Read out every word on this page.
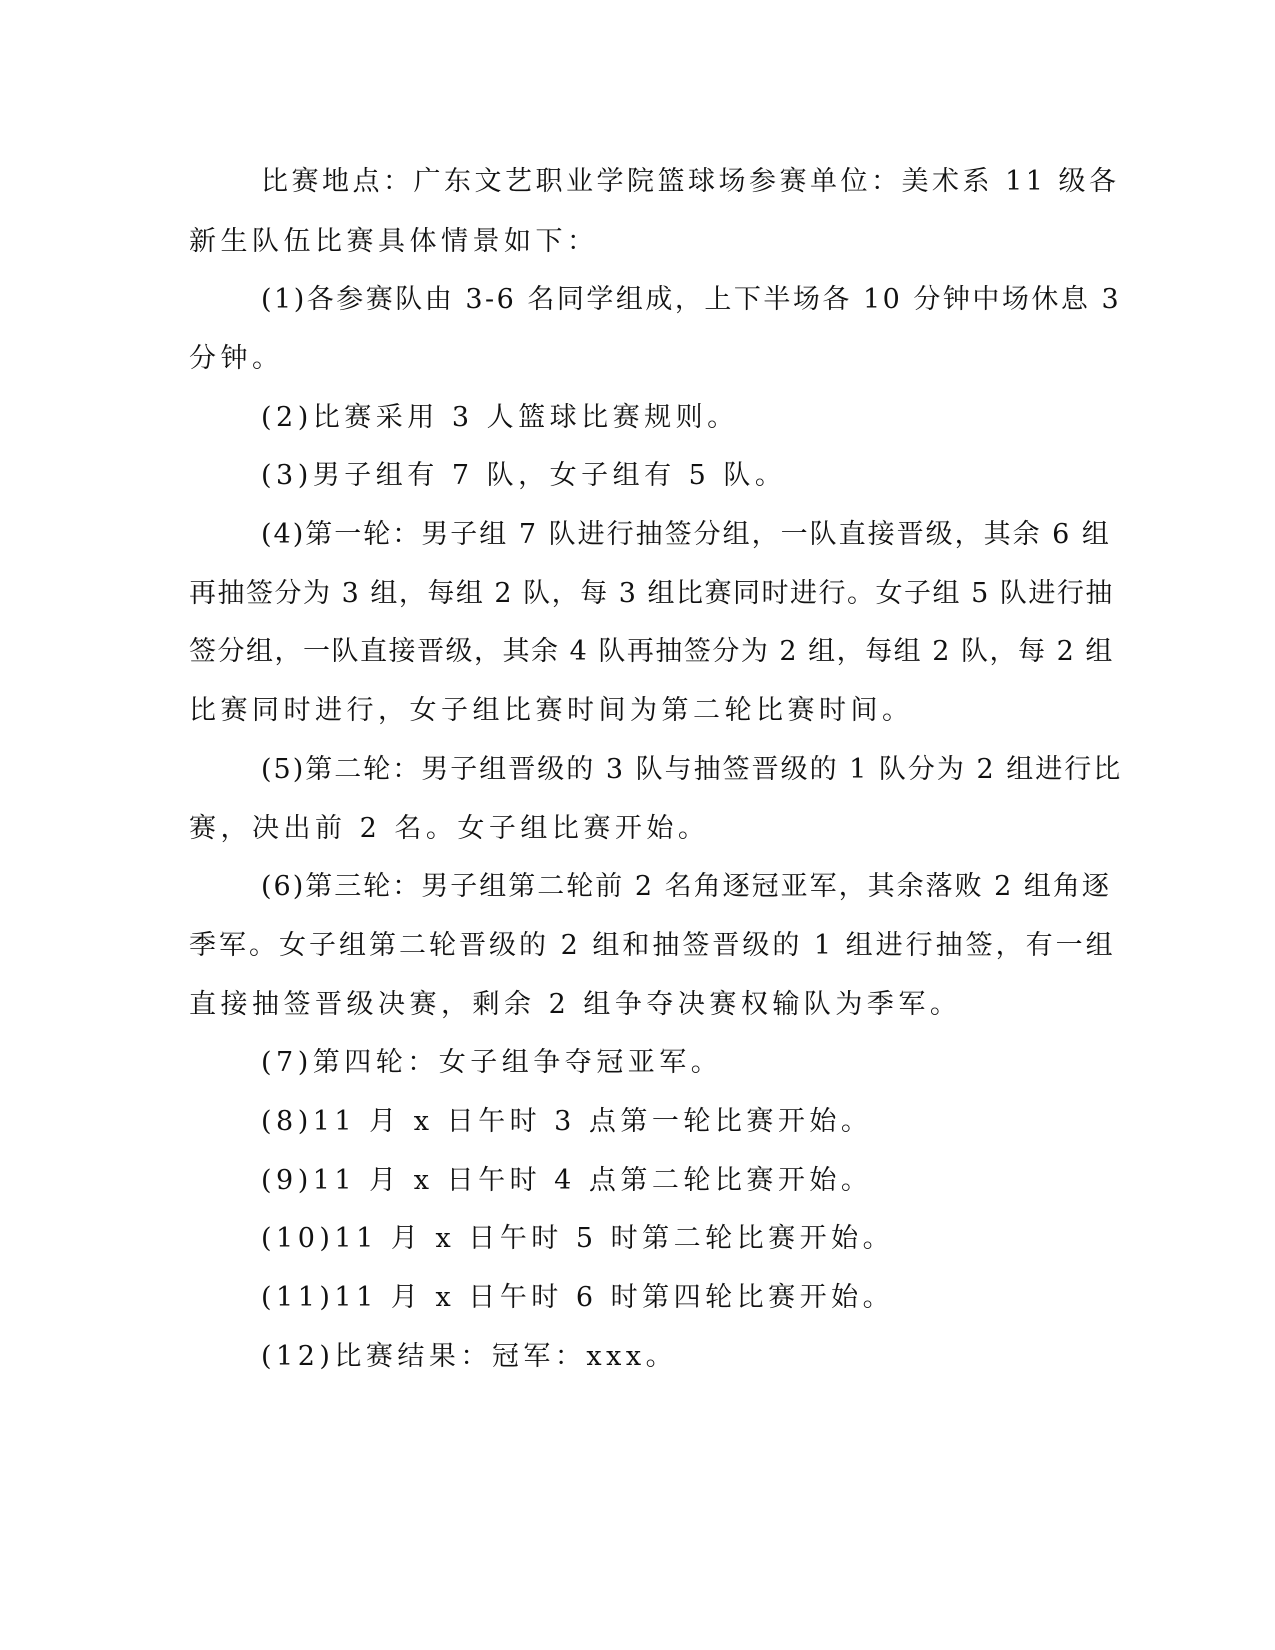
比赛地点：广东文艺职业学院篮球场参赛单位：美术系 11 级各

新生队伍比赛具体情景如下：

(1)各参赛队由 3-6 名同学组成，上下半场各 10 分钟中场休息 3

分钟。

(2)比赛采用 3 人篮球比赛规则。

(3)男子组有 7 队，女子组有 5 队。

(4)第一轮：男子组 7 队进行抽签分组，一队直接晋级，其余 6 组

再抽签分为 3 组，每组 2 队，每 3 组比赛同时进行。女子组 5 队进行抽

签分组，一队直接晋级，其余 4 队再抽签分为 2 组，每组 2 队，每 2 组

比赛同时进行，女子组比赛时间为第二轮比赛时间。

(5)第二轮：男子组晋级的 3 队与抽签晋级的 1 队分为 2 组进行比

赛，决出前 2 名。女子组比赛开始。

(6)第三轮：男子组第二轮前 2 名角逐冠亚军，其余落败 2 组角逐

季军。女子组第二轮晋级的 2 组和抽签晋级的 1 组进行抽签，有一组

直接抽签晋级决赛，剩余 2 组争夺决赛权输队为季军。

(7)第四轮：女子组争夺冠亚军。

(8)11 月 x 日午时 3 点第一轮比赛开始。

(9)11 月 x 日午时 4 点第二轮比赛开始。

(10)11 月 x 日午时 5 时第二轮比赛开始。

(11)11 月 x 日午时 6 时第四轮比赛开始。

(12)比赛结果：冠军：xxx。
